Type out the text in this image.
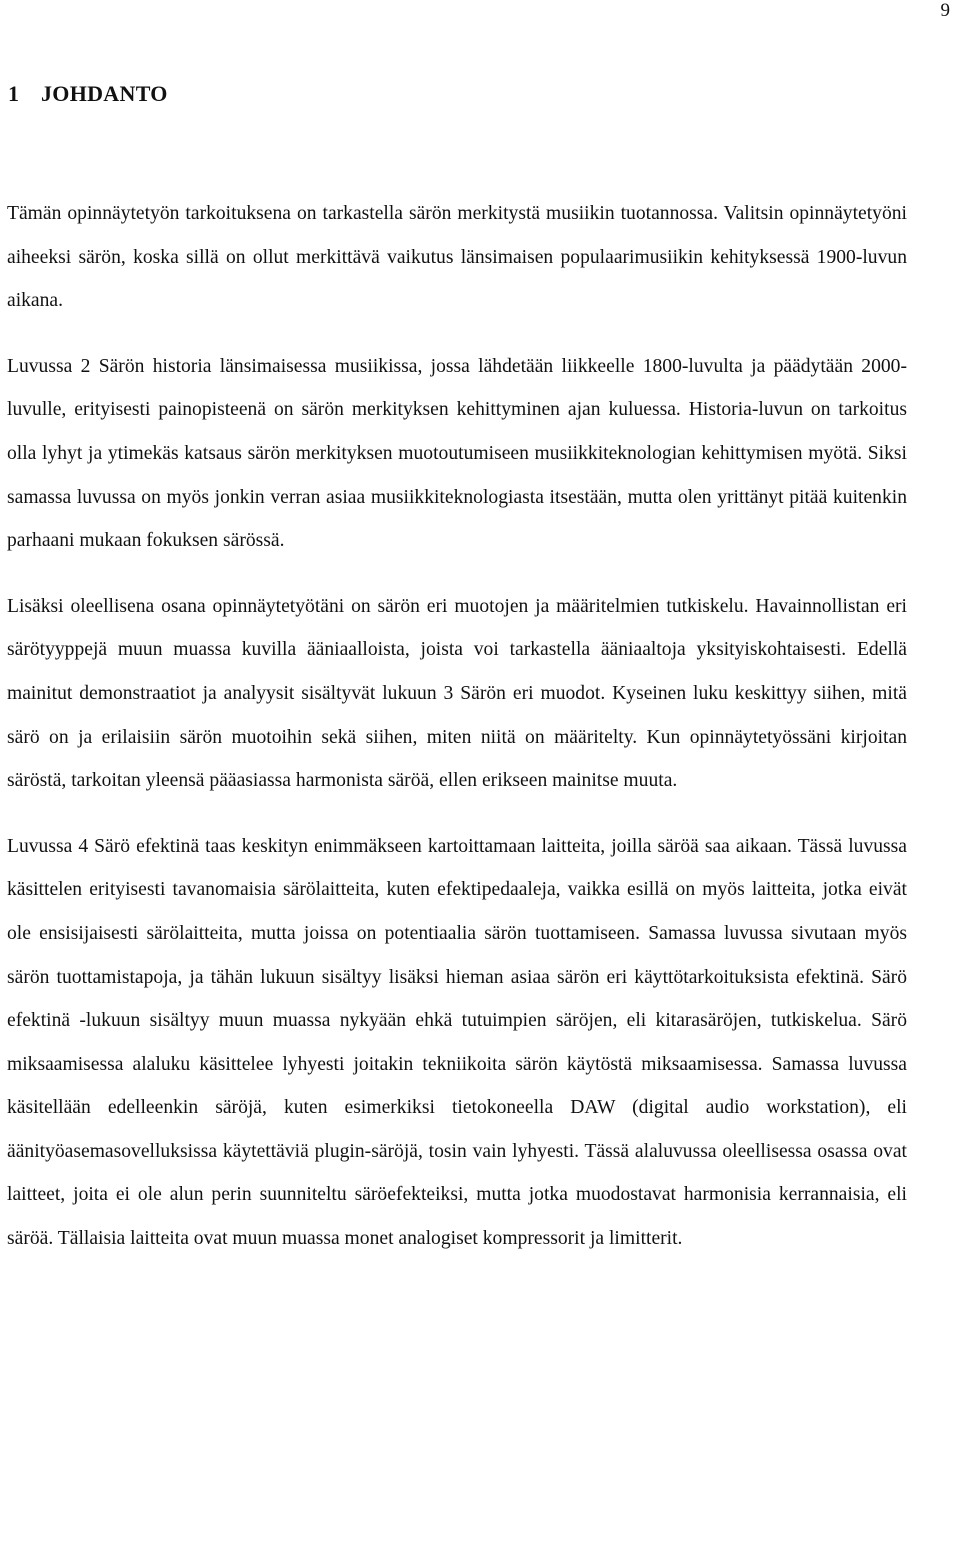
9
1 JOHDANTO

Tämän opinnäytetyön tarkoituksena on tarkastella särön merkitystä musiikin tuotannossa. Valitsin opinnäytetyöni aiheeksi särön, koska sillä on ollut merkittävä vaikutus länsimaisen populaarimusiikin kehityksessä 1900-luvun aikana.

Luvussa 2 Särön historia länsimaisessa musiikissa, jossa lähdetään liikkeelle 1800-luvulta ja päädytään 2000-luvulle, erityisesti painopisteenä on särön merkityksen kehittyminen ajan kuluessa. Historia-luvun on tarkoitus olla lyhyt ja ytimekäs katsaus särön merkityksen muotoutumiseen musiikkiteknologian kehittymisen myötä. Siksi samassa luvussa on myös jonkin verran asiaa musiikkiteknologiasta itsestään, mutta olen yrittänyt pitää kuitenkin parhaani mukaan fokuksen särössä.

Lisäksi oleellisena osana opinnäytetyötäni on särön eri muotojen ja määritelmien tutkiskelu. Havainnollistan eri särötyyppejä muun muassa kuvilla ääniaalloista, joista voi tarkastella ääniaaltoja yksityiskohtaisesti. Edellä mainitut demonstraatiot ja analyysit sisältyvät lukuun 3 Särön eri muodot. Kyseinen luku keskittyy siihen, mitä särö on ja erilaisiin särön muotoihin sekä siihen, miten niitä on määritelty. Kun opinnäytetyössäni kirjoitan säröstä, tarkoitan yleensä pääasiassa harmonista säröä, ellen erikseen mainitse muuta.

Luvussa 4 Särö efektinä taas keskityn enimmäkseen kartoittamaan laitteita, joilla säröä saa aikaan. Tässä luvussa käsittelen erityisesti tavanomaisia särölaitteita, kuten efektipedaaleja, vaikka esillä on myös laitteita, jotka eivät ole ensisijaisesti särölaitteita, mutta joissa on potentiaalia särön tuottamiseen. Samassa luvussa sivutaan myös särön tuottamistapoja, ja tähän lukuun sisältyy lisäksi hieman asiaa särön eri käyttötarkoituksista efektinä. Särö efektinä -lukuun sisältyy muun muassa nykyään ehkä tutuimpien säröjen, eli kitarasäröjen, tutkiskelua. Särö miksaamisessa alaluku käsittelee lyhyesti joitakin tekniikoita särön käytöstä miksaamisessa. Samassa luvussa käsitellään edelleenkin säröjä, kuten esimerkiksi tietokoneella DAW (digital audio workstation), eli äänityöasemasovelluksissa käytettäviä plugin-säröjä, tosin vain lyhyesti. Tässä alaluvussa oleellisessa osassa ovat laitteet, joita ei ole alun perin suunniteltu säröefekteiksi, mutta jotka muodostavat harmonisia kerrannaisia, eli säröä. Tällaisia laitteita ovat muun muassa monet analogiset kompressorit ja limitterit.
